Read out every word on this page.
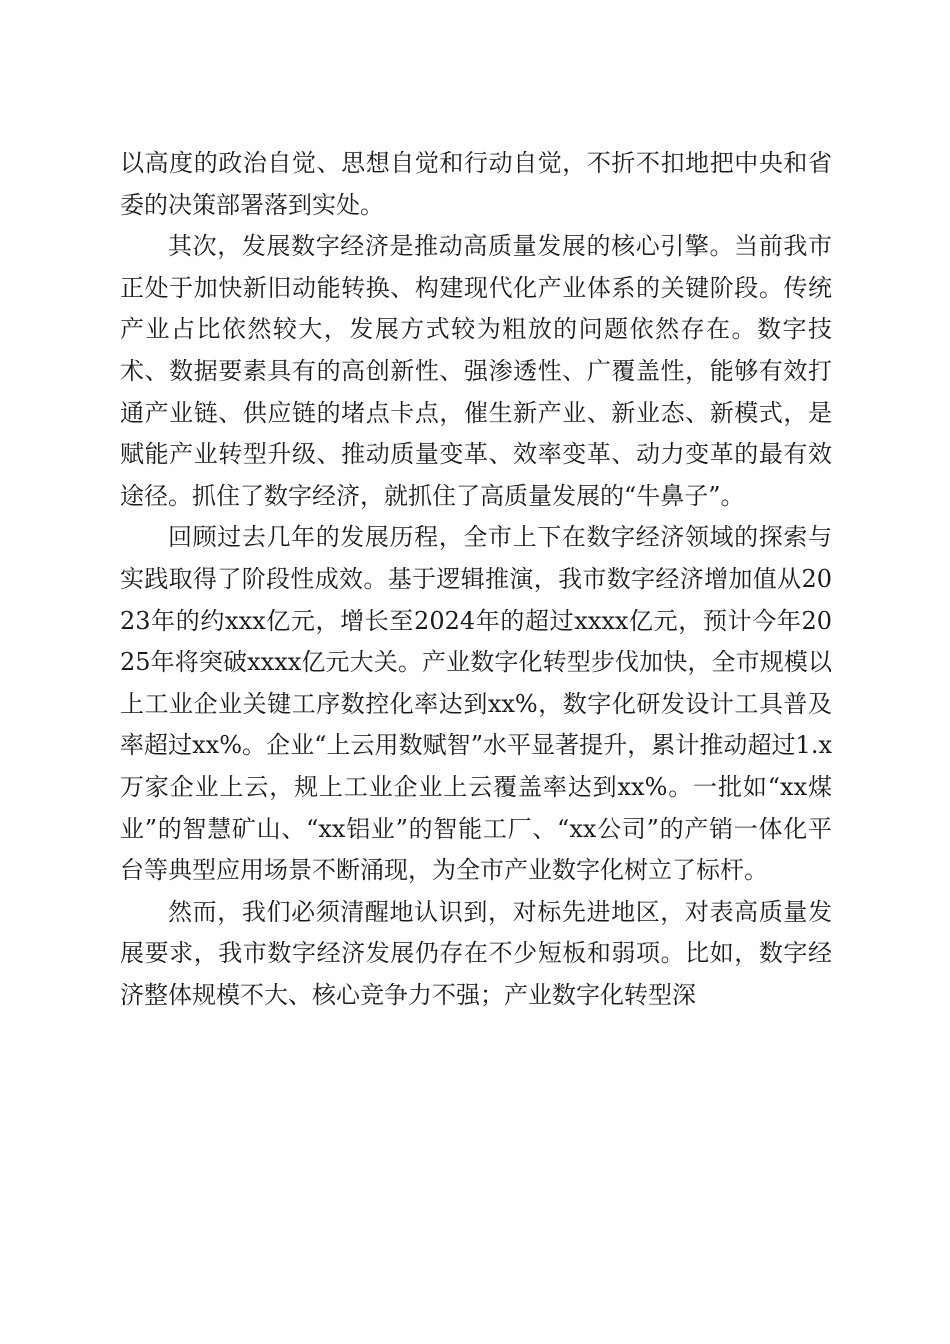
以高度的政治自觉、思想自觉和行动自觉，不折不扣地把中央和省委的决策部署落到实处。

其次，发展数字经济是推动高质量发展的核心引擎。当前我市正处于加快新旧动能转换、构建现代化产业体系的关键阶段。传统产业占比依然较大，发展方式较为粗放的问题依然存在。数字技术、数据要素具有的高创新性、强渗透性、广覆盖性，能够有效打通产业链、供应链的堵点卡点，催生新产业、新业态、新模式，是赋能产业转型升级、推动质量变革、效率变革、动力变革的最有效途径。抓住了数字经济，就抓住了高质量发展的“牛鼻子”。

回顾过去几年的发展历程，全市上下在数字经济领域的探索与实践取得了阶段性成效。基于逻辑推演，我市数字经济增加值从2023年的约xxx亿元，增长至2024年的超过xxxx亿元，预计今年2025年将突破xxxx亿元大关。产业数字化转型步伐加快，全市规模以上工业企业关键工序数控化率达到xx%，数字化研发设计工具普及率超过xx%。企业“上云用数赋智”水平显著提升，累计推动超过1.x万家企业上云，规上工业企业上云覆盖率达到xx%。一批如“xx煤业”的智慧矿山、“xx铝业”的智能工厂、“xx公司”的产销一体化平台等典型应用场景不断涌现，为全市产业数字化树立了标杆。

然而，我们必须清醒地认识到，对标先进地区，对表高质量发展要求，我市数字经济发展仍存在不少短板和弱项。比如，数字经济整体规模不大、核心竞争力不强；产业数字化转型深
